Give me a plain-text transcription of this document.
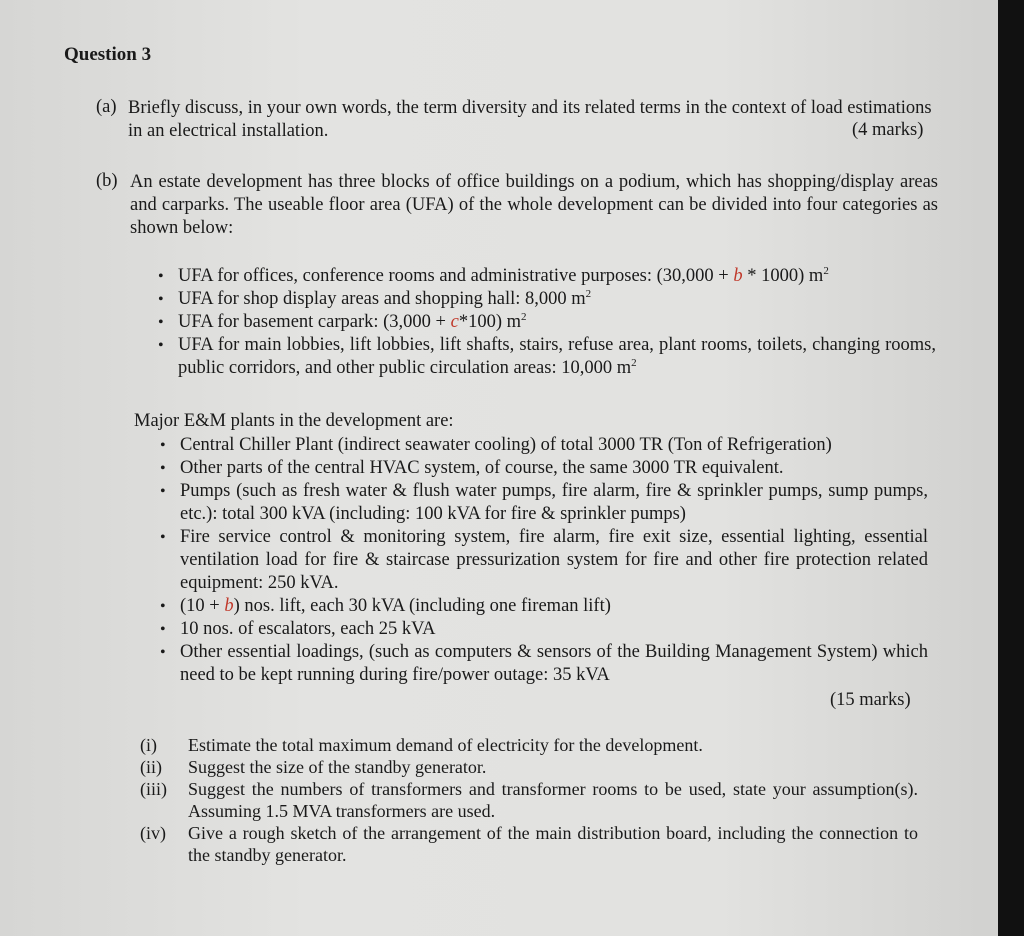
Question 3
(a) Briefly discuss, in your own words, the term diversity and its related terms in the context of load estimations in an electrical installation.	(4 marks)
(b) An estate development has three blocks of office buildings on a podium, which has shopping/display areas and carparks. The useable floor area (UFA) of the whole development can be divided into four categories as shown below:
• UFA for offices, conference rooms and administrative purposes: (30,000 + b * 1000) $m^2$
• UFA for shop display areas and shopping hall: 8,000 $m^2$
• UFA for basement carpark: (3,000 + c*100) $m^2$
• UFA for main lobbies, lift lobbies, lift shafts, stairs, refuse area, plant rooms, toilets, changing rooms, public corridors, and other public circulation areas: 10,000 $m^2$
Major E&M plants in the development are:
• Central Chiller Plant (indirect seawater cooling) of total 3000 TR (Ton of Refrigeration)
• Other parts of the central HVAC system, of course, the same 3000 TR equivalent.
• Pumps (such as fresh water & flush water pumps, fire alarm, fire & sprinkler pumps, sump pumps, etc.): total 300 kVA (including: 100 kVA for fire & sprinkler pumps)
• Fire service control & monitoring system, fire alarm, fire exit size, essential lighting, essential ventilation load for fire & staircase pressurization system for fire and other fire protection related equipment: 250 kVA.
• (10 + b) nos. lift, each 30 kVA (including one fireman lift)
• 10 nos. of escalators, each 25 kVA
• Other essential loadings, (such as computers & sensors of the Building Management System) which need to be kept running during fire/power outage: 35 kVA
(15 marks)
(i) Estimate the total maximum demand of electricity for the development.
(ii) Suggest the size of the standby generator.
(iii) Suggest the numbers of transformers and transformer rooms to be used, state your assumption(s). Assuming 1.5 MVA transformers are used.
(iv) Give a rough sketch of the arrangement of the main distribution board, including the connection to the standby generator.
